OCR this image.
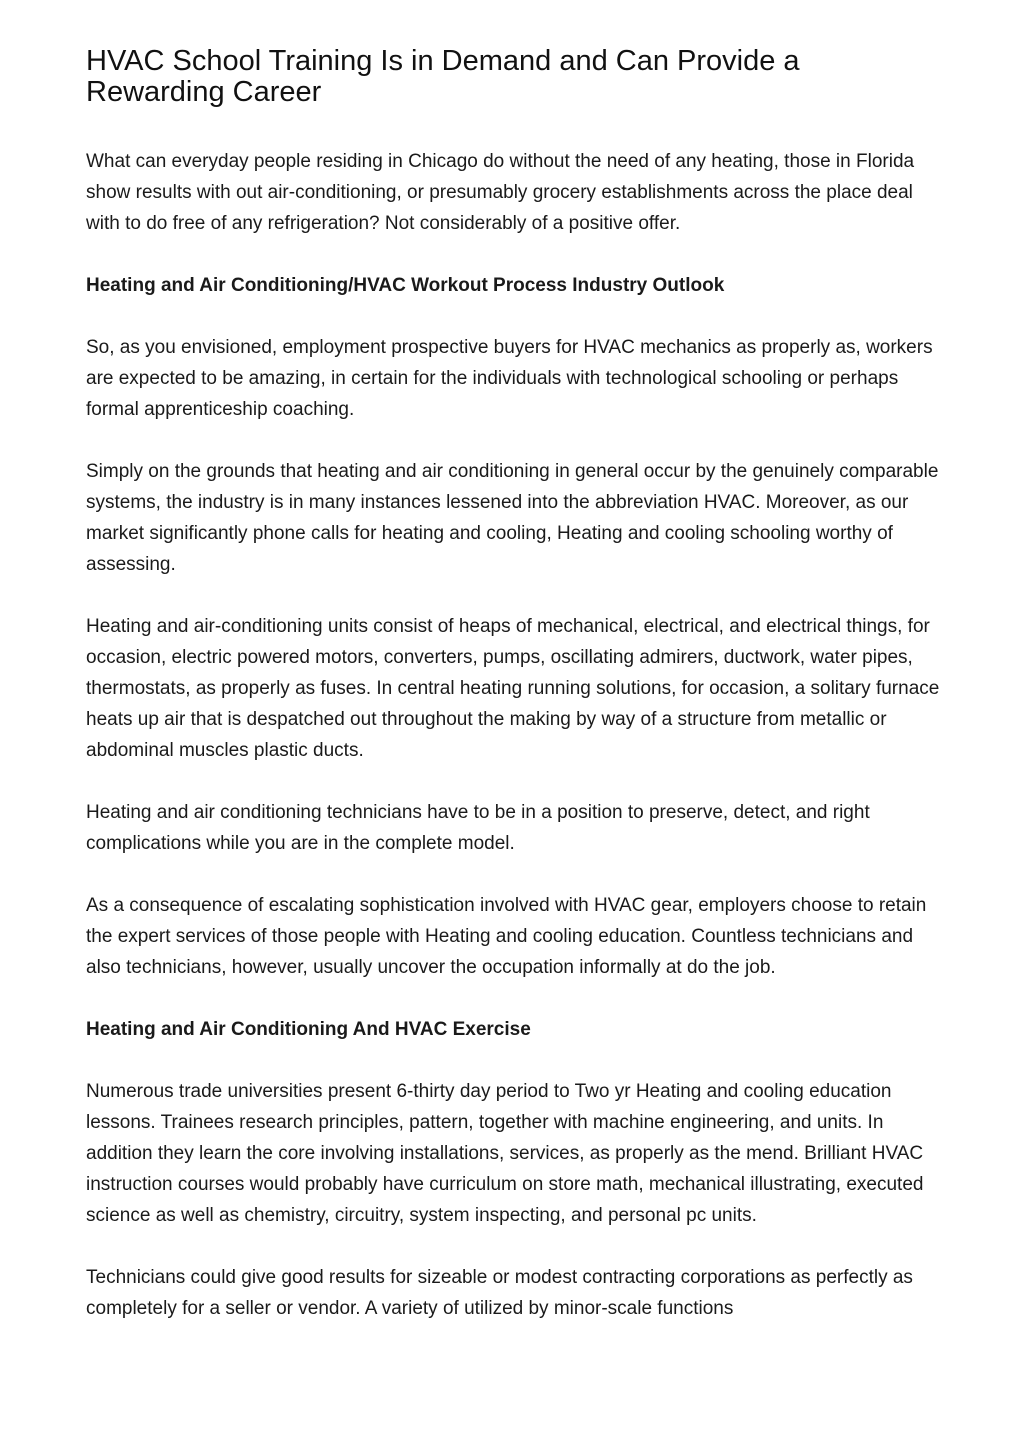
HVAC School Training Is in Demand and Can Provide a Rewarding Career

What can everyday people residing in Chicago do without the need of any heating, those in Florida show results with out air-conditioning, or presumably grocery establishments across the place deal with to do free of any refrigeration? Not considerably of a positive offer.

Heating and Air Conditioning/HVAC Workout Process Industry Outlook

So, as you envisioned, employment prospective buyers for HVAC mechanics as properly as, workers are expected to be amazing, in certain for the individuals with technological schooling or perhaps formal apprenticeship coaching.

Simply on the grounds that heating and air conditioning in general occur by the genuinely comparable systems, the industry is in many instances lessened into the abbreviation HVAC. Moreover, as our market significantly phone calls for heating and cooling, Heating and cooling schooling worthy of assessing.

Heating and air-conditioning units consist of heaps of mechanical, electrical, and electrical things, for occasion, electric powered motors, converters, pumps, oscillating admirers, ductwork, water pipes, thermostats, as properly as fuses. In central heating running solutions, for occasion, a solitary furnace heats up air that is despatched out throughout the making by way of a structure from metallic or abdominal muscles plastic ducts.

Heating and air conditioning technicians have to be in a position to preserve, detect, and right complications while you are in the complete model.

As a consequence of escalating sophistication involved with HVAC gear, employers choose to retain the expert services of those people with Heating and cooling education. Countless technicians and also technicians, however, usually uncover the occupation informally at do the job.

Heating and Air Conditioning And HVAC Exercise

Numerous trade universities present 6-thirty day period to Two yr Heating and cooling education lessons. Trainees research principles, pattern, together with machine engineering, and units. In addition they learn the core involving installations, services, as properly as the mend. Brilliant HVAC instruction courses would probably have curriculum on store math, mechanical illustrating, executed science as well as chemistry, circuitry, system inspecting, and personal pc units.

Technicians could give good results for sizeable or modest contracting corporations as perfectly as completely for a seller or vendor. A variety of utilized by minor-scale functions
